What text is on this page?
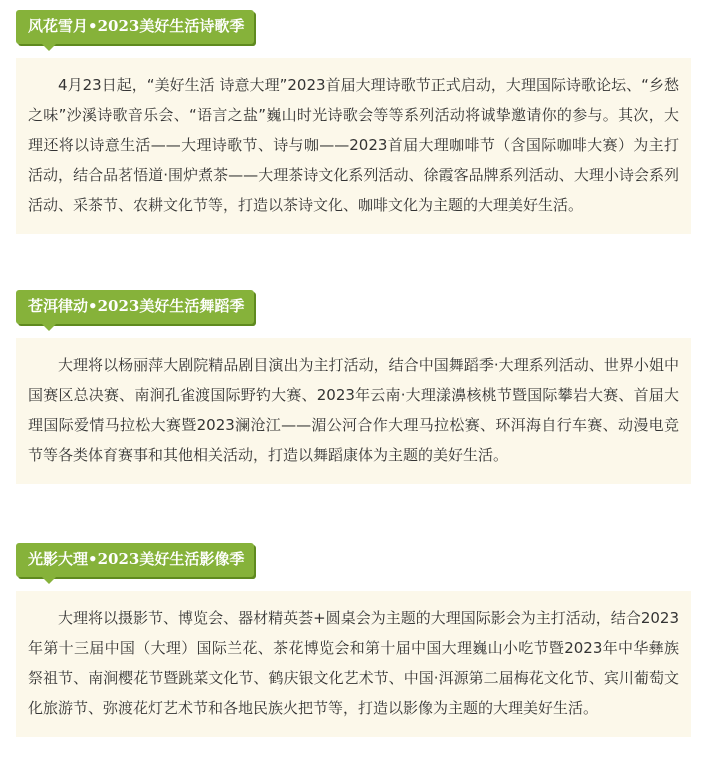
风花雪月•2023美好生活诗歌季

4月23日起，“美好生活 诗意大理”2023首届大理诗歌节正式启动，大理国际诗歌论坛、“乡愁之味”沙溪诗歌音乐会、“语言之盐”巍山时光诗歌会等等系列活动将诚挚邀请你的参与。其次，大理还将以诗意生活——大理诗歌节、诗与咖——2023首届大理咖啡节（含国际咖啡大赛）为主打活动，结合品茗悟道·围炉煮茶——大理茶诗文化系列活动、徐霞客品牌系列活动、大理小诗会系列活动、采茶节、农耕文化节等，打造以茶诗文化、咖啡文化为主题的大理美好生活。

苍洱律动•2023美好生活舞蹈季

大理将以杨丽萍大剧院精品剧目演出为主打活动，结合中国舞蹈季·大理系列活动、世界小姐中国赛区总决赛、南涧孔雀渡国际野钓大赛、2023年云南·大理漾濞核桃节暨国际攀岩大赛、首届大理国际爱情马拉松大赛暨2023澜沧江——湄公河合作大理马拉松赛、环洱海自行车赛、动漫电竞节等各类体育赛事和其他相关活动，打造以舞蹈康体为主题的美好生活。

光影大理•2023美好生活影像季

大理将以摄影节、博览会、器材精英荟+圆桌会为主题的大理国际影会为主打活动，结合2023年第十三届中国（大理）国际兰花、茶花博览会和第十届中国大理巍山小吃节暨2023年中华彝族祭祖节、南涧樱花节暨跳菜文化节、鹤庆银文化艺术节、中国·洱源第二届梅花文化节、宾川葡萄文化旅游节、弥渡花灯艺术节和各地民族火把节等，打造以影像为主题的大理美好生活。
